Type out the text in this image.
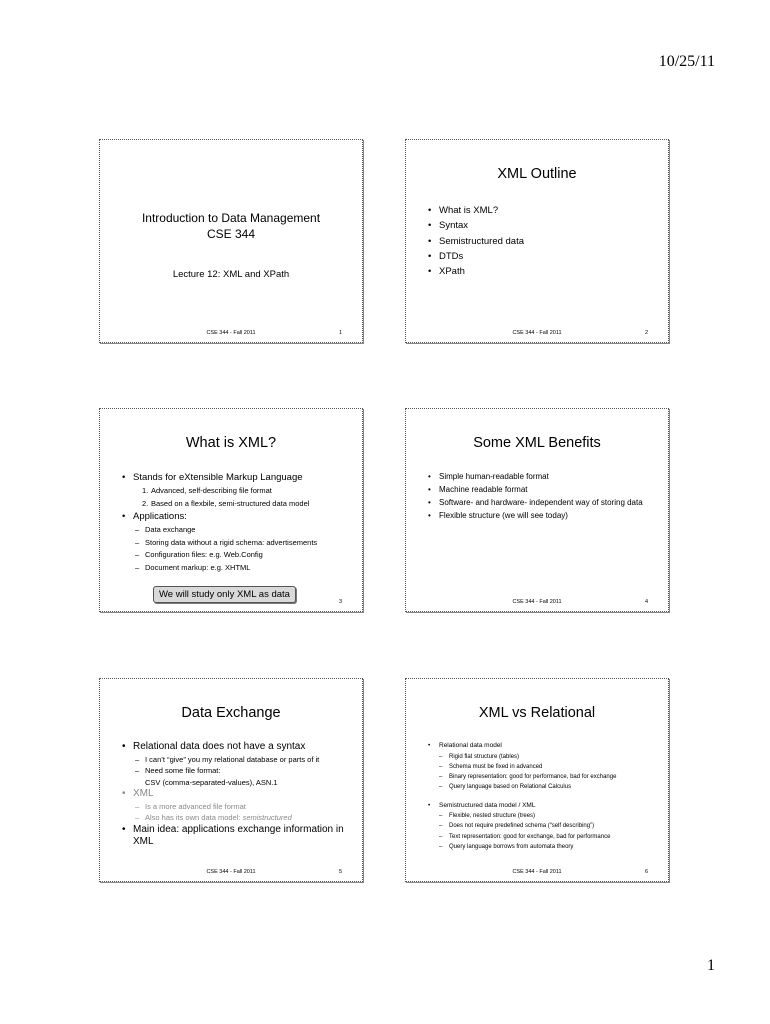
10/25/11
Introduction to Data Management
CSE 344
Lecture 12: XML and XPath
CSE 344 - Fall 2011	1
XML Outline
• What is XML?
• Syntax
• Semistructured data
• DTDs
• XPath
CSE 344 - Fall 2011	2
What is XML?
• Stands for eXtensible Markup Language
1. Advanced, self-describing file format
2. Based on a flexbile, semi-structured data model
• Applications:
– Data exchange
– Storing data without a rigid schema: advertisements
– Configuration files: e.g. Web.Config
– Document markup: e.g. XHTML
We will study only XML as data
3
Some XML Benefits
• Simple human-readable format
• Machine readable format
• Software- and hardware- independent way of storing data
• Flexible structure (we will see today)
CSE 344 - Fall 2011	4
Data Exchange
• Relational data does not have a syntax
– I can’t “give” you my relational database or parts of it
– Need some file format:
CSV (comma-separated-values), ASN.1
• XML
– Is a more advanced file format
– Also has its own data model: semistructured
• Main idea: applications exchange information in XML
CSE 344 - Fall 2011	5
XML vs Relational
• Relational data model
– Rigid flat structure (tables)
– Schema must be fixed in advanced
– Binary representation: good for performance, bad for exchange
– Query language based on Relational Calculus
• Semistructured data model / XML
– Flexible, nested structure (trees)
– Does not require predefined schema (“self describing”)
– Text representation: good for exchange, bad for performance
– Query language borrows from automata theory
CSE 344 - Fall 2011	6
1
